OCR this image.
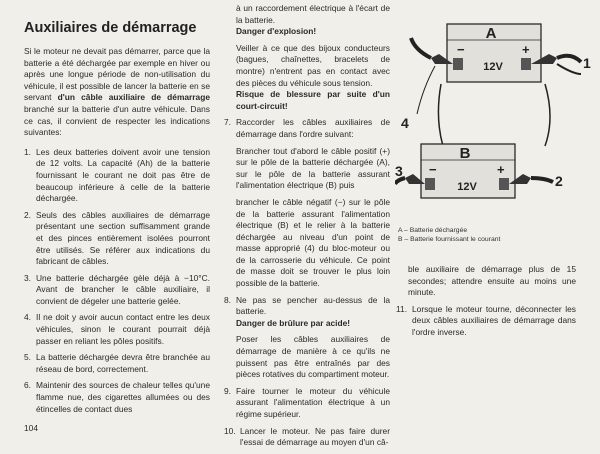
Auxiliaires de démarrage

Si le moteur ne devait pas démarrer, parce que la batterie a été déchargée par exemple en hiver ou après une longue période de non-utilisation du véhicule, il est possible de lancer la batterie en se servant d'un câble auxiliaire de démarrage branché sur la batterie d'un autre véhicule. Dans ce cas, il convient de respecter les indications suivantes:

1. Les deux batteries doivent avoir une tension de 12 volts. La capacité (Ah) de la batterie fournissant le courant ne doit pas être de beaucoup inférieure à celle de la batterie déchargée.
2. Seuls des câbles auxiliaires de démarrage présentant une section suffisamment grande et des pinces entièrement isolées pourront être utilisés. Se référer aux indications du fabricant de câbles.
3. Une batterie déchargée gèle déjà à −10°C. Avant de brancher le câble auxiliaire, il convient de dégeler une batterie gelée.
4. Il ne doit y avoir aucun contact entre les deux véhicules, sinon le courant pourrait déjà passer en reliant les pôles positifs.
5. La batterie déchargée devra être branchée au réseau de bord, correctement.
6. Maintenir des sources de chaleur telles qu'une flamme nue, des cigarettes allumées ou des étincelles de contact dues

à un raccordement électrique à l'écart de la batterie.

Danger d'explosion!

Veiller à ce que des bijoux conducteurs (bagues, chaînettes, bracelets de montre) n'entrent pas en contact avec des pièces du véhicule sous tension.

Risque de blessure par suite d'un court-circuit!

7. Raccorder les câbles auxiliaires de démarrage dans l'ordre suivant:

Brancher tout d'abord le câble positif (+) sur le pôle de la batterie déchargée (A), sur le pôle de la batterie assurant l'alimentation électrique (B) puis

brancher le câble négatif (−) sur le pôle de la batterie assurant l'alimentation électrique (B) et le relier à la batterie déchargée au niveau d'un point de masse approprié (4) du bloc-moteur ou de la carrosserie du véhicule. Ce point de masse doit se trouver le plus loin possible de la batterie.

8. Ne pas se pencher au-dessus de la batterie.

Danger de brûlure par acide!

Poser les câbles auxiliaires de démarrage de manière à ce qu'ils ne puissent pas être entraînés par des pièces rotatives du compartiment moteur.

9. Faire tourner le moteur du véhicule assurant l'alimentation électrique à un régime supérieur.
10. Lancer le moteur. Ne pas faire durer l'essai de démarrage au moyen d'un câ-
A
−	+
12V	1
4
B
−	+
12V	2
3
A – Batterie déchargée
B – Batterie fournissant le courant

ble auxiliaire de démarrage plus de 15 secondes; attendre ensuite au moins une minute.

11. Lorsque le moteur tourne, déconnecter les deux câbles auxiliaires de démarrage dans l'ordre inverse.
104
